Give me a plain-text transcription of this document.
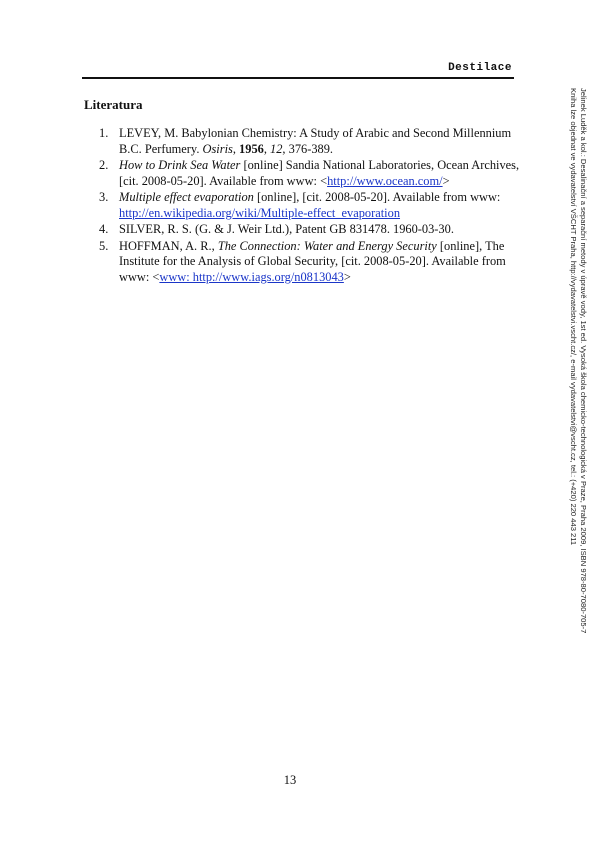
Destilace
Literatura
1. LEVEY, M. Babylonian Chemistry: A Study of Arabic and Second Millennium B.C. Perfumery. Osiris, 1956, 12, 376-389.
2. How to Drink Sea Water [online] Sandia National Laboratories, Ocean Archives, [cit. 2008-05-20]. Available from www: <http://www.ocean.com/>
3. Multiple effect evaporation [online], [cit. 2008-05-20]. Available from www: http://en.wikipedia.org/wiki/Multiple-effect_evaporation
4. SILVER, R. S. (G. & J. Weir Ltd.), Patent GB 831478. 1960-03-30.
5. HOFFMAN, A. R., The Connection: Water and Energy Security [online], The Institute for the Analysis of Global Security, [cit. 2008-05-20]. Available from www: <www: http://www.iags.org/n0813043>
13
Jelinek Luděk a kol.: Desalinační a separační metody v úpravě vody, 1st ed. Vysoká škola chemicko-technologická v Praze, Praha 2009, ISBN 978-80-7080-705-7
Kniha lze objednat ve vydavatelství VŠCHT Praha, http://vydavatelstvi.vscht.cz/, e-mail vydavatelstvi@vscht.cz, tel.: (+420) 220 443 211
